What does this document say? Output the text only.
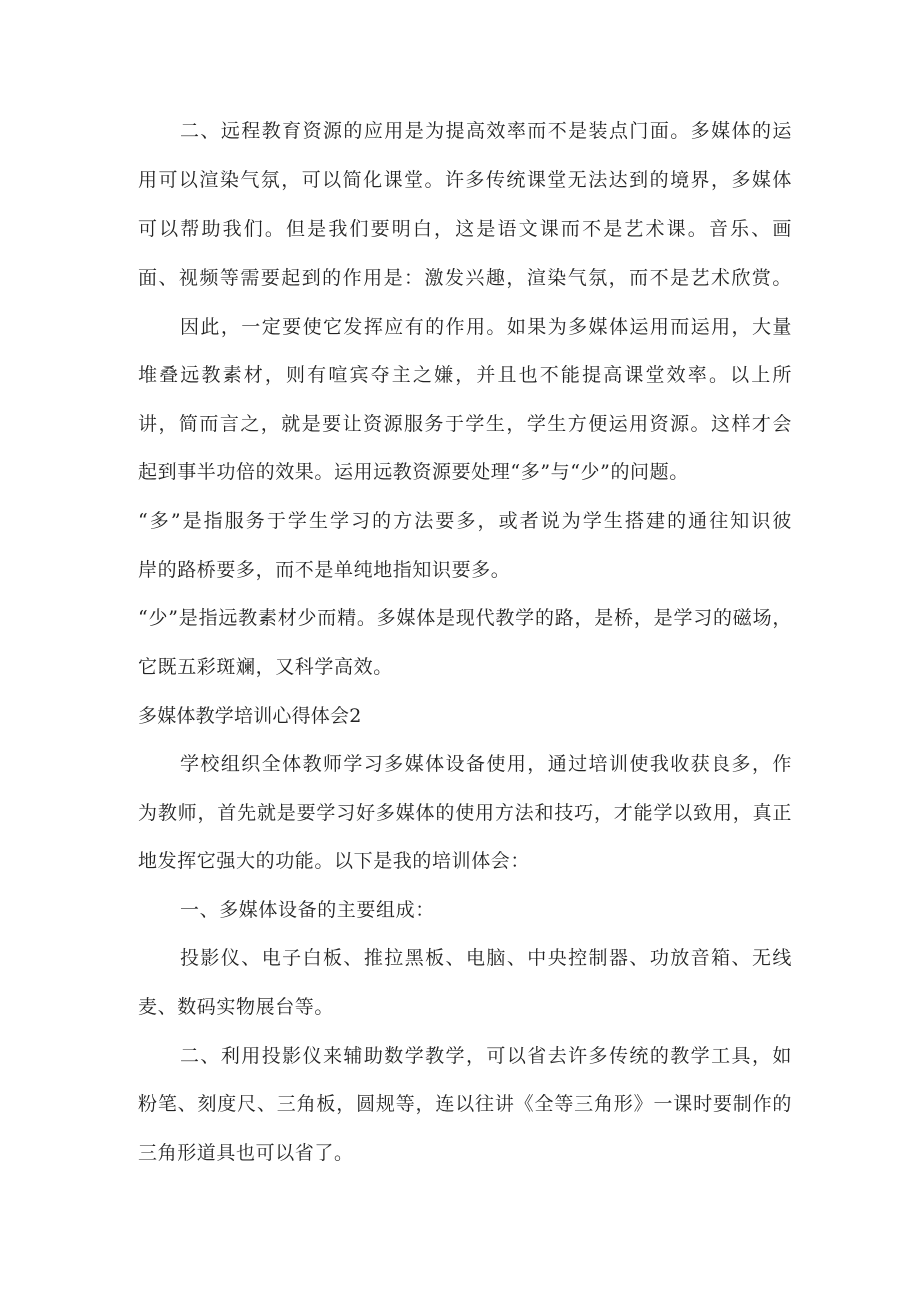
二、远程教育资源的应用是为提高效率而不是装点门面。多媒体的运
用可以渲染气氛，可以简化课堂。许多传统课堂无法达到的境界，多媒体
可以帮助我们。但是我们要明白，这是语文课而不是艺术课。音乐、画
面、视频等需要起到的作用是：激发兴趣，渲染气氛，而不是艺术欣赏。
因此，一定要使它发挥应有的作用。如果为多媒体运用而运用，大量
堆叠远教素材，则有喧宾夺主之嫌，并且也不能提高课堂效率。以上所
讲，简而言之，就是要让资源服务于学生，学生方便运用资源。这样才会
起到事半功倍的效果。运用远教资源要处理“多”与“少”的问题。
“多”是指服务于学生学习的方法要多，或者说为学生搭建的通往知识彼
岸的路桥要多，而不是单纯地指知识要多。
“少”是指远教素材少而精。多媒体是现代教学的路，是桥，是学习的磁场，
它既五彩斑斓，又科学高效。
多媒体教学培训心得体会2
学校组织全体教师学习多媒体设备使用，通过培训使我收获良多，作
为教师，首先就是要学习好多媒体的使用方法和技巧，才能学以致用，真正
地发挥它强大的功能。以下是我的培训体会：
一、多媒体设备的主要组成：
投影仪、电子白板、推拉黑板、电脑、中央控制器、功放音箱、无线
麦、数码实物展台等。
二、利用投影仪来辅助数学教学，可以省去许多传统的教学工具，如
粉笔、刻度尺、三角板，圆规等，连以往讲《全等三角形》一课时要制作的
三角形道具也可以省了。
